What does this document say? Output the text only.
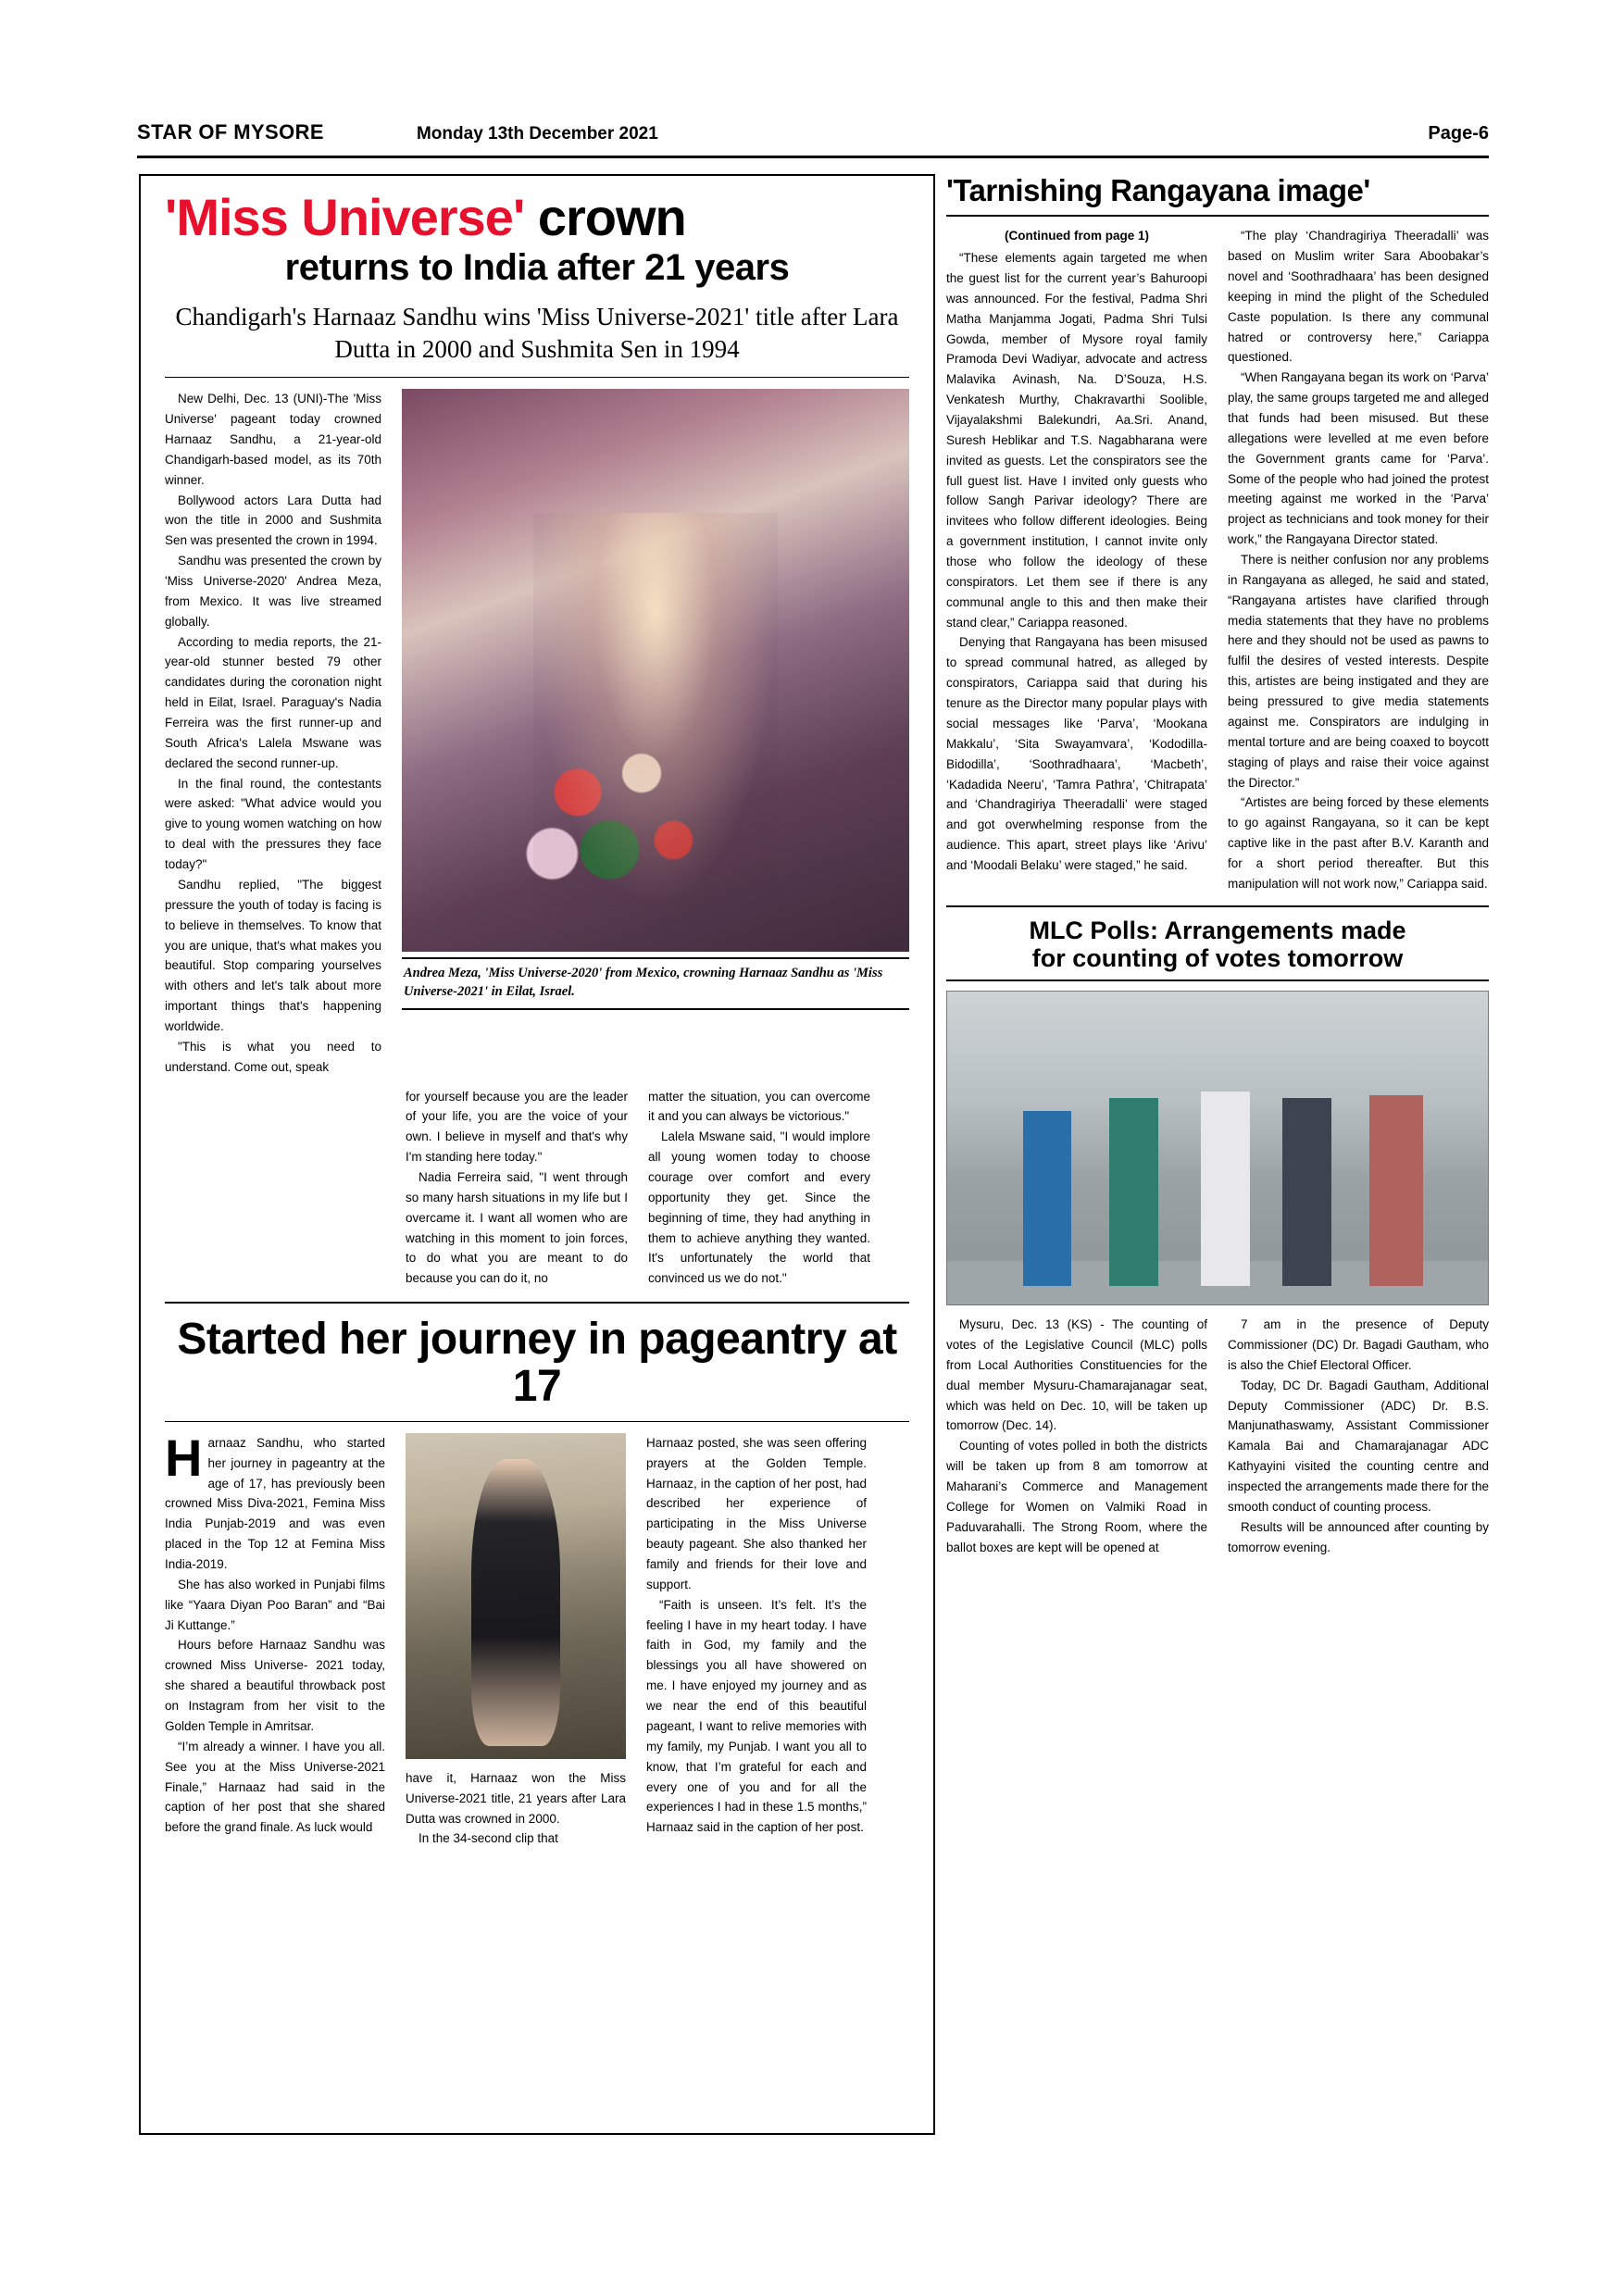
STAR OF MYSORE	Monday 13th December 2021	Page-6
'Miss Universe' crown
returns to India after 21 years
Chandigarh's Harnaaz Sandhu wins 'Miss Universe-2021' title after Lara Dutta in 2000 and Sushmita Sen in 1994

New Delhi, Dec. 13 (UNI)-The 'Miss Universe' pageant today crowned Harnaaz Sandhu, a 21-year-old Chandigarh-based model, as its 70th winner.

Bollywood actors Lara Dutta had won the title in 2000 and Sushmita Sen was presented the crown in 1994.

Sandhu was presented the crown by 'Miss Universe-2020' Andrea Meza, from Mexico. It was live streamed globally.

According to media reports, the 21-year-old stunner bested 79 other candidates during the coronation night held in Eilat, Israel. Paraguay's Nadia Ferreira was the first runner-up and South Africa's Lalela Mswane was declared the second runner-up.

In the final round, the contestants were asked: "What advice would you give to young women watching on how to deal with the pressures they face today?"

Sandhu replied, "The biggest pressure the youth of today is facing is to believe in themselves. To know that you are unique, that's what makes you beautiful. Stop comparing yourselves with others and let's talk about more important things that's happening worldwide.

"This is what you need to understand. Come out, speak

Andrea Meza, 'Miss Universe-2020' from Mexico, crowning Harnaaz Sandhu as 'Miss Universe-2021' in Eilat, Israel.

for yourself because you are the leader of your life, you are the voice of your own. I believe in myself and that's why I'm standing here today."

Nadia Ferreira said, "I went through so many harsh situations in my life but I overcame it. I want all women who are watching in this moment to join forces, to do what you are meant to do because you can do it, no

matter the situation, you can overcome it and you can always be victorious."

Lalela Mswane said, "I would implore all young women today to choose courage over comfort and every opportunity they get. Since the beginning of time, they had anything in them to achieve anything they wanted. It's unfortunately the world that convinced us we do not."

Started her journey in pageantry at 17

Harnaaz Sandhu, who started her journey in pageantry at the age of 17, has previously been crowned Miss Diva-2021, Femina Miss India Punjab-2019 and was even placed in the Top 12 at Femina Miss India-2019.

She has also worked in Punjabi films like “Yaara Diyan Poo Baran” and “Bai Ji Kuttange.”

Hours before Harnaaz Sandhu was crowned Miss Universe- 2021 today, she shared a beautiful throwback post on Instagram from her visit to the Golden Temple in Amritsar.

“I’m already a winner. I have you all. See you at the Miss Universe-2021 Finale,” Harnaaz had said in the caption of her post that she shared before the grand finale. As luck would

have it, Harnaaz won the Miss Universe-2021 title, 21 years after Lara Dutta was crowned in 2000.

In the 34-second clip that

Harnaaz posted, she was seen offering prayers at the Golden Temple. Harnaaz, in the caption of her post, had described her experience of participating in the Miss Universe beauty pageant. She also thanked her family and friends for their love and support.

“Faith is unseen. It’s felt. It’s the feeling I have in my heart today. I have faith in God, my family and the blessings you all have showered on me. I have enjoyed my journey and as we near the end of this beautiful pageant, I want to relive memories with my family, my Punjab. I want you all to know, that I’m grateful for each and every one of you and for all the experiences I had in these 1.5 months,” Harnaaz said in the caption of her post.

'Tarnishing Rangayana image'
(Continued from page 1)

“These elements again targeted me when the guest list for the current year’s Bahuroopi was announced. For the festival, Padma Shri Matha Manjamma Jogati, Padma Shri Tulsi Gowda, member of Mysore royal family Pramoda Devi Wadiyar, advocate and actress Malavika Avinash, Na. D’Souza, H.S. Venkatesh Murthy, Chakravarthi Soolible, Vijayalakshmi Balekundri, Aa.Sri. Anand, Suresh Heblikar and T.S. Nagabharana were invited as guests. Let the conspirators see the full guest list. Have I invited only guests who follow Sangh Parivar ideology? There are invitees who follow different ideologies. Being a government institution, I cannot invite only those who follow the ideology of these conspirators. Let them see if there is any communal angle to this and then make their stand clear,” Cariappa reasoned.

Denying that Rangayana has been misused to spread communal hatred, as alleged by conspirators, Cariappa said that during his tenure as the Director many popular plays with social messages like ‘Parva’, ‘Mookana Makkalu’, ‘Sita Swayamvara’, ‘Kododilla-Bidodilla’, ‘Soothradhaara’, ‘Macbeth’, ‘Kadadida Neeru’, ‘Tamra Pathra’, ‘Chitrapata’ and ‘Chandragiriya Theeradalli’ were staged and got overwhelming response from the audience. This apart, street plays like ‘Arivu’ and ‘Moodali Belaku’ were staged,” he said.

“The play ‘Chandragiriya Theeradalli’ was based on Muslim writer Sara Aboobakar’s novel and ‘Soothradhaara’ has been designed keeping in mind the plight of the Scheduled Caste population. Is there any communal hatred or controversy here,” Cariappa questioned.

“When Rangayana began its work on ‘Parva’ play, the same groups targeted me and alleged that funds had been misused. But these allegations were levelled at me even before the Government grants came for ‘Parva’. Some of the people who had joined the protest meeting against me worked in the ‘Parva’ project as technicians and took money for their work,” the Rangayana Director stated.

There is neither confusion nor any problems in Rangayana as alleged, he said and stated, “Rangayana artistes have clarified through media statements that they have no problems here and they should not be used as pawns to fulfil the desires of vested interests. Despite this, artistes are being instigated and they are being pressured to give media statements against me. Conspirators are indulging in mental torture and are being coaxed to boycott staging of plays and raise their voice against the Director.”

“Artistes are being forced by these elements to go against Rangayana, so it can be kept captive like in the past after B.V. Karanth and for a short period thereafter. But this manipulation will not work now,” Cariappa said.

MLC Polls: Arrangements made
for counting of votes tomorrow

Mysuru, Dec. 13 (KS) - The counting of votes of the Legislative Council (MLC) polls from Local Authorities Constituencies for the dual member Mysuru-Chamarajanagar seat, which was held on Dec. 10, will be taken up tomorrow (Dec. 14).

Counting of votes polled in both the districts will be taken up from 8 am tomorrow at Maharani’s Commerce and Management College for Women on Valmiki Road in Paduvarahalli. The Strong Room, where the ballot boxes are kept will be opened at

7 am in the presence of Deputy Commissioner (DC) Dr. Bagadi Gautham, who is also the Chief Electoral Officer.

Today, DC Dr. Bagadi Gautham, Additional Deputy Commissioner (ADC) Dr. B.S. Manjunathaswamy, Assistant Commissioner Kamala Bai and Chamarajanagar ADC Kathyayini visited the counting centre and inspected the arrangements made there for the smooth conduct of counting process.

Results will be announced after counting by tomorrow evening.
